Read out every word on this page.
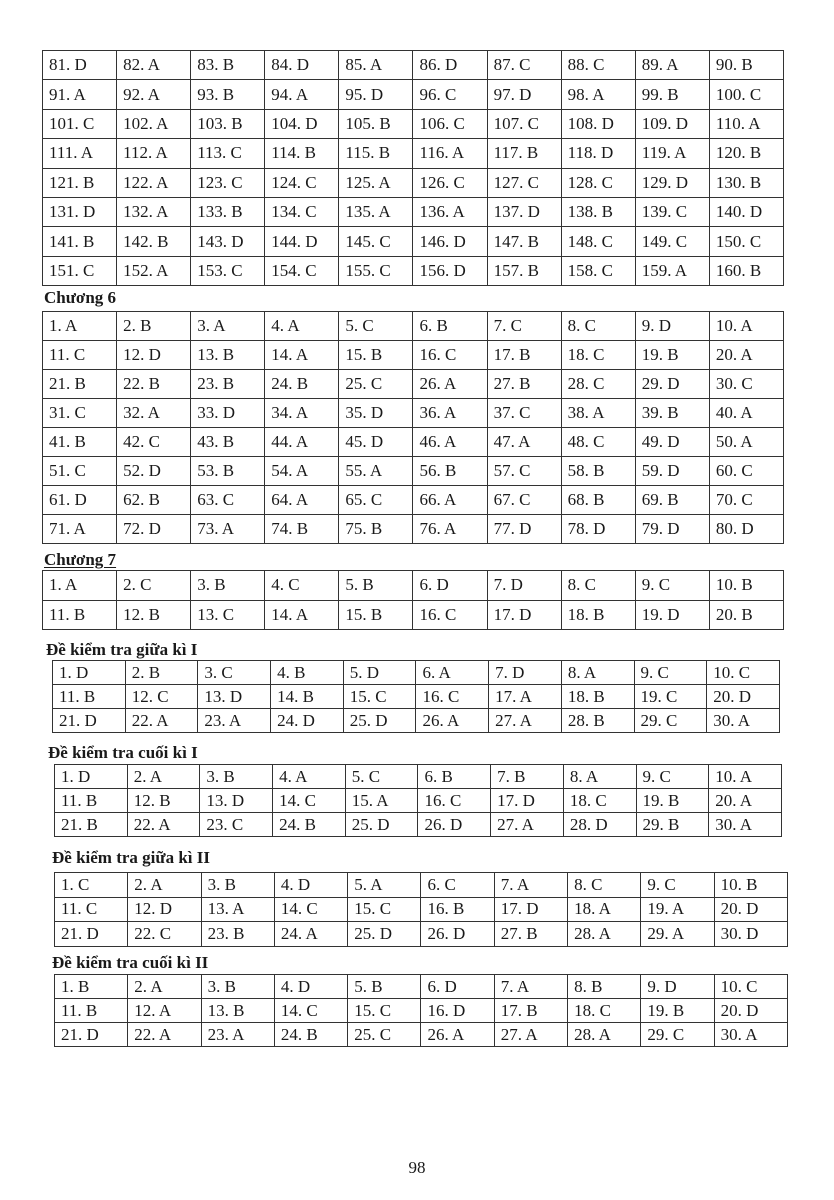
81. D	82. A	83. B	84. D	85. A	86. D	87. C	88. C	89. A	90. B
91. A	92. A	93. B	94. A	95. D	96. C	97. D	98. A	99. B	100. C
101. C	102. A	103. B	104. D	105. B	106. C	107. C	108. D	109. D	110. A
111. A	112. A	113. C	114. B	115. B	116. A	117. B	118. D	119. A	120. B
121. B	122. A	123. C	124. C	125. A	126. C	127. C	128. C	129. D	130. B
131. D	132. A	133. B	134. C	135. A	136. A	137. D	138. B	139. C	140. D
141. B	142. B	143. D	144. D	145. C	146. D	147. B	148. C	149. C	150. C
151. C	152. A	153. C	154. C	155. C	156. D	157. B	158. C	159. A	160. B
Chương 6
1. A	2. B	3. A	4. A	5. C	6. B	7. C	8. C	9. D	10. A
11. C	12. D	13. B	14. A	15. B	16. C	17. B	18. C	19. B	20. A
21. B	22. B	23. B	24. B	25. C	26. A	27. B	28. C	29. D	30. C
31. C	32. A	33. D	34. A	35. D	36. A	37. C	38. A	39. B	40. A
41. B	42. C	43. B	44. A	45. D	46. A	47. A	48. C	49. D	50. A
51. C	52. D	53. B	54. A	55. A	56. B	57. C	58. B	59. D	60. C
61. D	62. B	63. C	64. A	65. C	66. A	67. C	68. B	69. B	70. C
71. A	72. D	73. A	74. B	75. B	76. A	77. D	78. D	79. D	80. D
Chương 7
1. A	2. C	3. B	4. C	5. B	6. D	7. D	8. C	9. C	10. B
11. B	12. B	13. C	14. A	15. B	16. C	17. D	18. B	19. D	20. B
Đề kiểm tra giữa kì I
1. D	2. B	3. C	4. B	5. D	6. A	7. D	8. A	9. C	10. C
11. B	12. C	13. D	14. B	15. C	16. C	17. A	18. B	19. C	20. D
21. D	22. A	23. A	24. D	25. D	26. A	27. A	28. B	29. C	30. A
Đề kiểm tra cuối kì I
1. D	2. A	3. B	4. A	5. C	6. B	7. B	8. A	9. C	10. A
11. B	12. B	13. D	14. C	15. A	16. C	17. D	18. C	19. B	20. A
21. B	22. A	23. C	24. B	25. D	26. D	27. A	28. D	29. B	30. A
Đề kiểm tra giữa kì II
1. C	2. A	3. B	4. D	5. A	6. C	7. A	8. C	9. C	10. B
11. C	12. D	13. A	14. C	15. C	16. B	17. D	18. A	19. A	20. D
21. D	22. C	23. B	24. A	25. D	26. D	27. B	28. A	29. A	30. D
Đề kiểm tra cuối kì II
1. B	2. A	3. B	4. D	5. B	6. D	7. A	8. B	9. D	10. C
11. B	12. A	13. B	14. C	15. C	16. D	17. B	18. C	19. B	20. D
21. D	22. A	23. A	24. B	25. C	26. A	27. A	28. A	29. C	30. A
98
